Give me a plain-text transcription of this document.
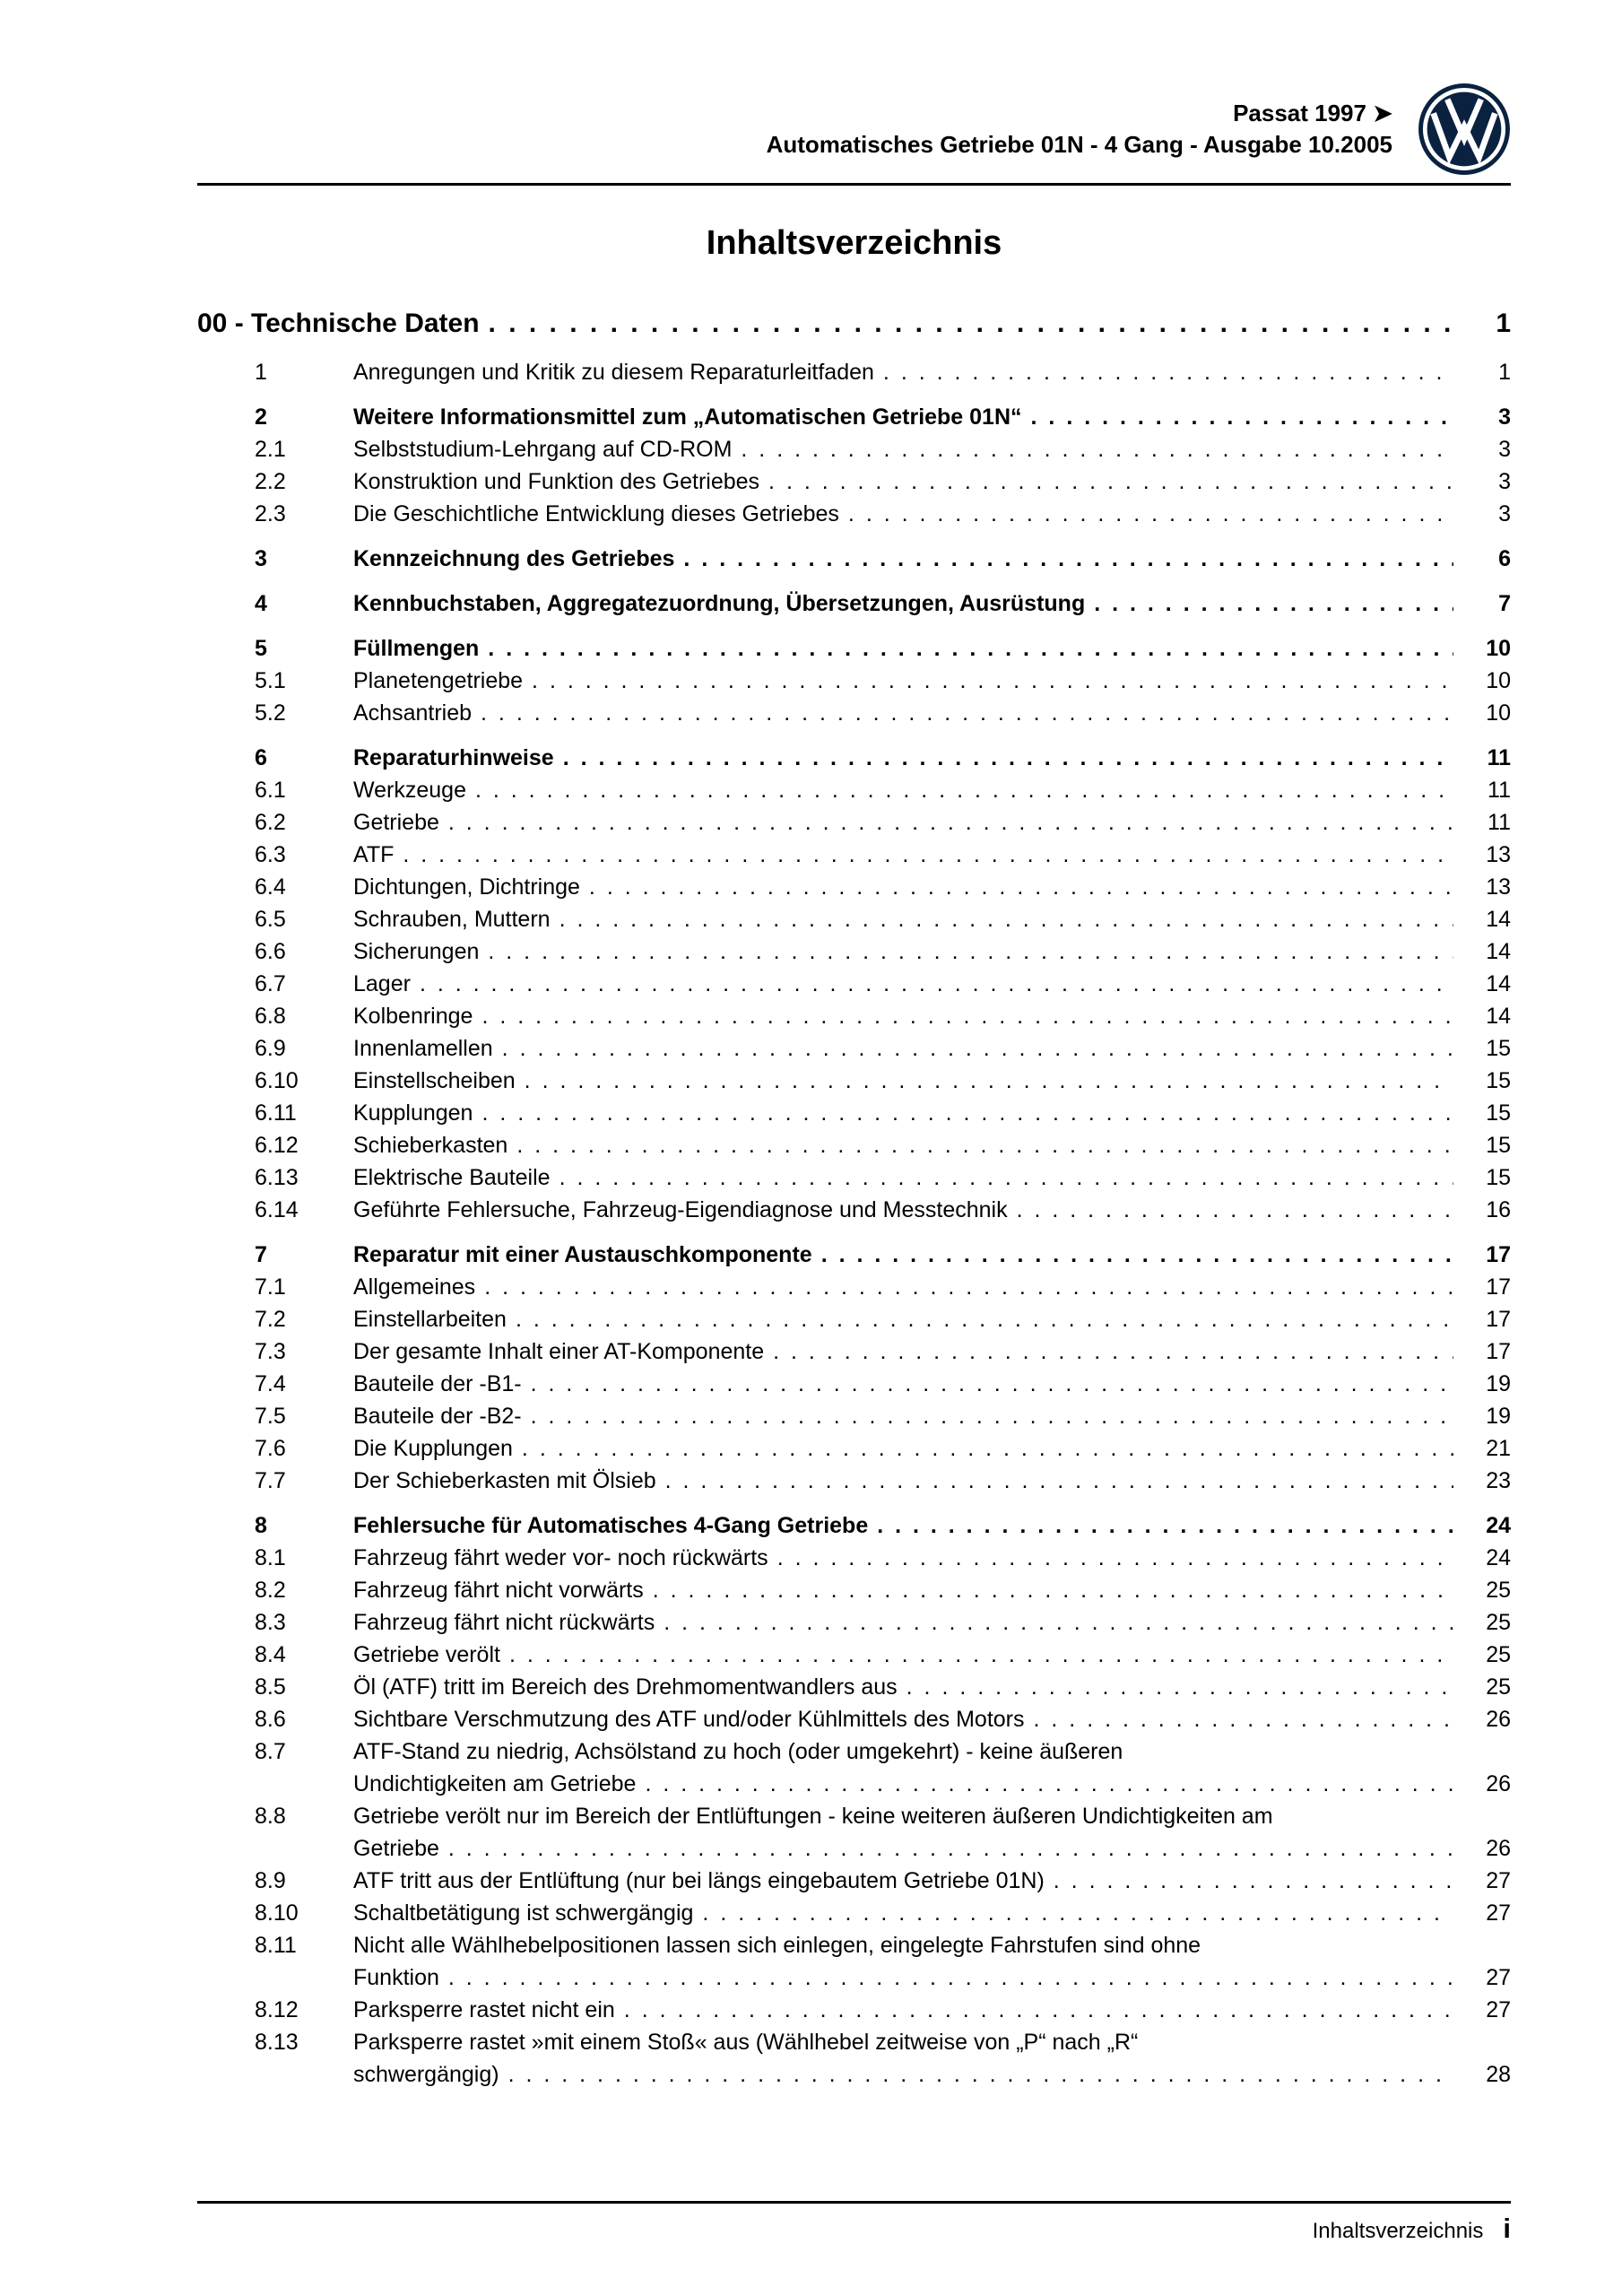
Passat 1997 ➤
Automatisches Getriebe 01N - 4 Gang - Ausgabe 10.2005
Inhaltsverzeichnis
00 - Technische Daten . . .	1
1	Anregungen und Kritik zu diesem Reparaturleitfaden . . .	1
2	Weitere Informationsmittel zum „Automatischen Getriebe 01N“ . . .	3
2.1	Selbststudium-Lehrgang auf CD-ROM . . .	3
2.2	Konstruktion und Funktion des Getriebes . . .	3
2.3	Die Geschichtliche Entwicklung dieses Getriebes . . .	3
3	Kennzeichnung des Getriebes . . .	6
4	Kennbuchstaben, Aggregatezuordnung, Übersetzungen, Ausrüstung . . .	7
5	Füllmengen . . .	10
5.1	Planetengetriebe . . .	10
5.2	Achsantrieb . . .	10
6	Reparaturhinweise . . .	11
6.1	Werkzeuge . . .	11
6.2	Getriebe . . .	11
6.3	ATF . . .	13
6.4	Dichtungen, Dichtringe . . .	13
6.5	Schrauben, Muttern . . .	14
6.6	Sicherungen . . .	14
6.7	Lager . . .	14
6.8	Kolbenringe . . .	14
6.9	Innenlamellen . . .	15
6.10	Einstellscheiben . . .	15
6.11	Kupplungen . . .	15
6.12	Schieberkasten . . .	15
6.13	Elektrische Bauteile . . .	15
6.14	Geführte Fehlersuche, Fahrzeug-Eigendiagnose und Messtechnik . . .	16
7	Reparatur mit einer Austauschkomponente . . .	17
7.1	Allgemeines . . .	17
7.2	Einstellarbeiten . . .	17
7.3	Der gesamte Inhalt einer AT-Komponente . . .	17
7.4	Bauteile der -B1- . . .	19
7.5	Bauteile der -B2- . . .	19
7.6	Die Kupplungen . . .	21
7.7	Der Schieberkasten mit Ölsieb . . .	23
8	Fehlersuche für Automatisches 4-Gang Getriebe . . .	24
8.1	Fahrzeug fährt weder vor- noch rückwärts . . .	24
8.2	Fahrzeug fährt nicht vorwärts . . .	25
8.3	Fahrzeug fährt nicht rückwärts . . .	25
8.4	Getriebe verölt . . .	25
8.5	Öl (ATF) tritt im Bereich des Drehmomentwandlers aus . . .	25
8.6	Sichtbare Verschmutzung des ATF und/oder Kühlmittels des Motors . . .	26
8.7	ATF-Stand zu niedrig, Achsölstand zu hoch (oder umgekehrt) - keine äußeren
Undichtigkeiten am Getriebe . . .	26
8.8	Getriebe verölt nur im Bereich der Entlüftungen - keine weiteren äußeren Undichtigkeiten am
Getriebe . . .	26
8.9	ATF tritt aus der Entlüftung (nur bei längs eingebautem Getriebe 01N) . . .	27
8.10	Schaltbetätigung ist schwergängig . . .	27
8.11	Nicht alle Wählhebelpositionen lassen sich einlegen, eingelegte Fahrstufen sind ohne
Funktion . . .	27
8.12	Parksperre rastet nicht ein . . .	27
8.13	Parksperre rastet »mit einem Stoß« aus (Wählhebel zeitweise von „P“ nach „R“
schwergängig) . . .	28
Inhaltsverzeichnis i
